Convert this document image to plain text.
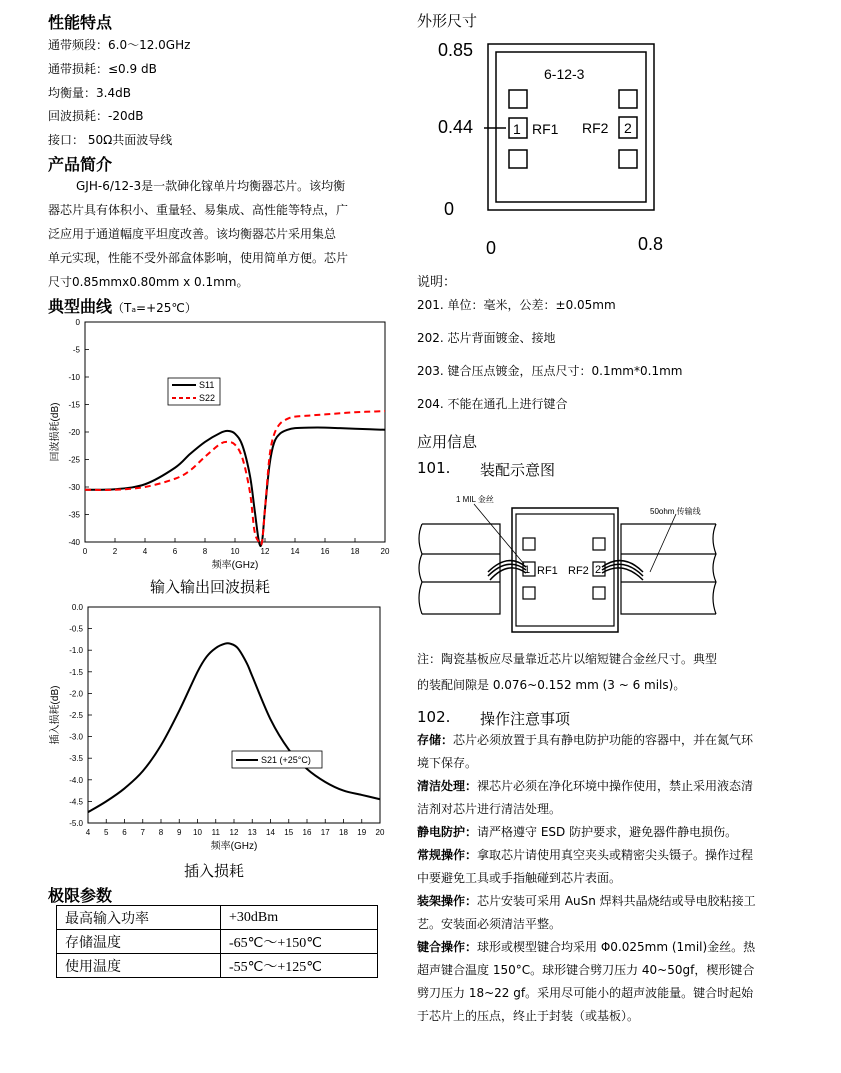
性能特点
通带频段：6.0～12.0GHz
通带损耗：≤0.9 dB
均衡量：3.4dB
回波损耗：-20dB
接口： 50Ω共面波导线
产品简介
GJH-6/12-3是一款砷化镓单片均衡器芯片。该均衡
器芯片具有体积小、重量轻、易集成、高性能等特点，广
泛应用于通道幅度平坦度改善。该均衡器芯片采用集总
单元实现，性能不受外部盒体影响，使用简单方便。芯片
尺寸0.85mmx0.80mm x 0.1mm。
典型曲线（Tₐ=+25℃）
0	2	4	6	8	10	12	14	16	18	20
0
-5
-10
-15
-20
-25
-30
-35
-40
S11
S22
频率(GHz)
回波损耗(dB)
输入输出回波损耗
4 5 6 7 8 9 10 11 12 13 14 15 16 17 18 19 20
0.0
-0.5
-1.0
-1.5
-2.0
-2.5
-3.0
-3.5
-4.0
-4.5
-5.0
S21 (+25°C)
频率(GHz)
插入损耗(dB)
插入损耗
极限参数
最高输入功率	+30dBm
存储温度	-65℃～+150℃
使用温度	-55℃～+125℃
外形尺寸
0.85
0.44
0
0	0.8
6-12-3
1 RF1 RF2 2
说明：

201. 单位：毫米，公差：±0.05mm

202. 芯片背面镀金、接地

203. 键合压点镀金，压点尺寸：0.1mm*0.1mm

204. 不能在通孔上进行键合

应用信息
101. 装配示意图
1 MIL 金丝
50ohm 传输线
1 RF1 RF2 2
注：陶瓷基板应尽量靠近芯片以缩短键合金丝尺寸。典型
的装配间隙是 0.076~0.152 mm (3 ~ 6 mils)。
102. 操作注意事项

存储：芯片必须放置于具有静电防护功能的容器中，并在氮气环境下保存。

清洁处理：裸芯片必须在净化环境中操作使用，禁止采用液态清洁剂对芯片进行清洁处理。

静电防护：请严格遵守 ESD 防护要求，避免器件静电损伤。

常规操作：拿取芯片请使用真空夹头或精密尖头镊子。操作过程中要避免工具或手指触碰到芯片表面。

装架操作：芯片安装可采用 AuSn 焊料共晶烧结或导电胶粘接工艺。安装面必须清洁平整。

键合操作：球形或楔型键合均采用 Φ0.025mm (1mil)金丝。热超声键合温度 150°C。球形键合劈刀压力 40~50gf，楔形键合劈刀压力 18~22 gf。采用尽可能小的超声波能量。键合时起始于芯片上的压点，终止于封装（或基板）。
